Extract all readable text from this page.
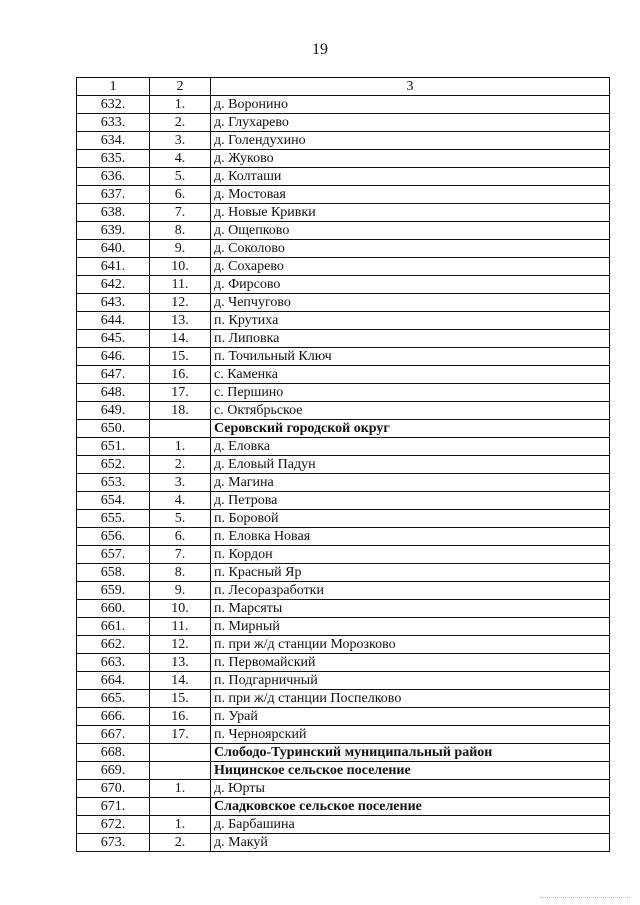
19
1	2	3
632.	1.	д. Воронино
633.	2.	д. Глухарево
634.	3.	д. Голендухино
635.	4.	д. Жуково
636.	5.	д. Колташи
637.	6.	д. Мостовая
638.	7.	д. Новые Кривки
639.	8.	д. Ощепково
640.	9.	д. Соколово
641.	10.	д. Сохарево
642.	11.	д. Фирсово
643.	12.	д. Чепчугово
644.	13.	п. Крутиха
645.	14.	п. Липовка
646.	15.	п. Точильный Ключ
647.	16.	с. Каменка
648.	17.	с. Першино
649.	18.	с. Октябрьское
650.		Серовский городской округ
651.	1.	д. Еловка
652.	2.	д. Еловый Падун
653.	3.	д. Магина
654.	4.	д. Петрова
655.	5.	п. Боровой
656.	6.	п. Еловка Новая
657.	7.	п. Кордон
658.	8.	п. Красный Яр
659.	9.	п. Лесоразработки
660.	10.	п. Марсяты
661.	11.	п. Мирный
662.	12.	п. при ж/д станции Морозково
663.	13.	п. Первомайский
664.	14.	п. Подгарничный
665.	15.	п. при ж/д станции Поспелково
666.	16.	п. Урай
667.	17.	п. Черноярский
668.		Слободо-Туринский муниципальный район
669.		Ницинское сельское поселение
670.	1.	д. Юрты
671.		Сладковское сельское поселение
672.	1.	д. Барбашина
673.	2.	д. Макуй
